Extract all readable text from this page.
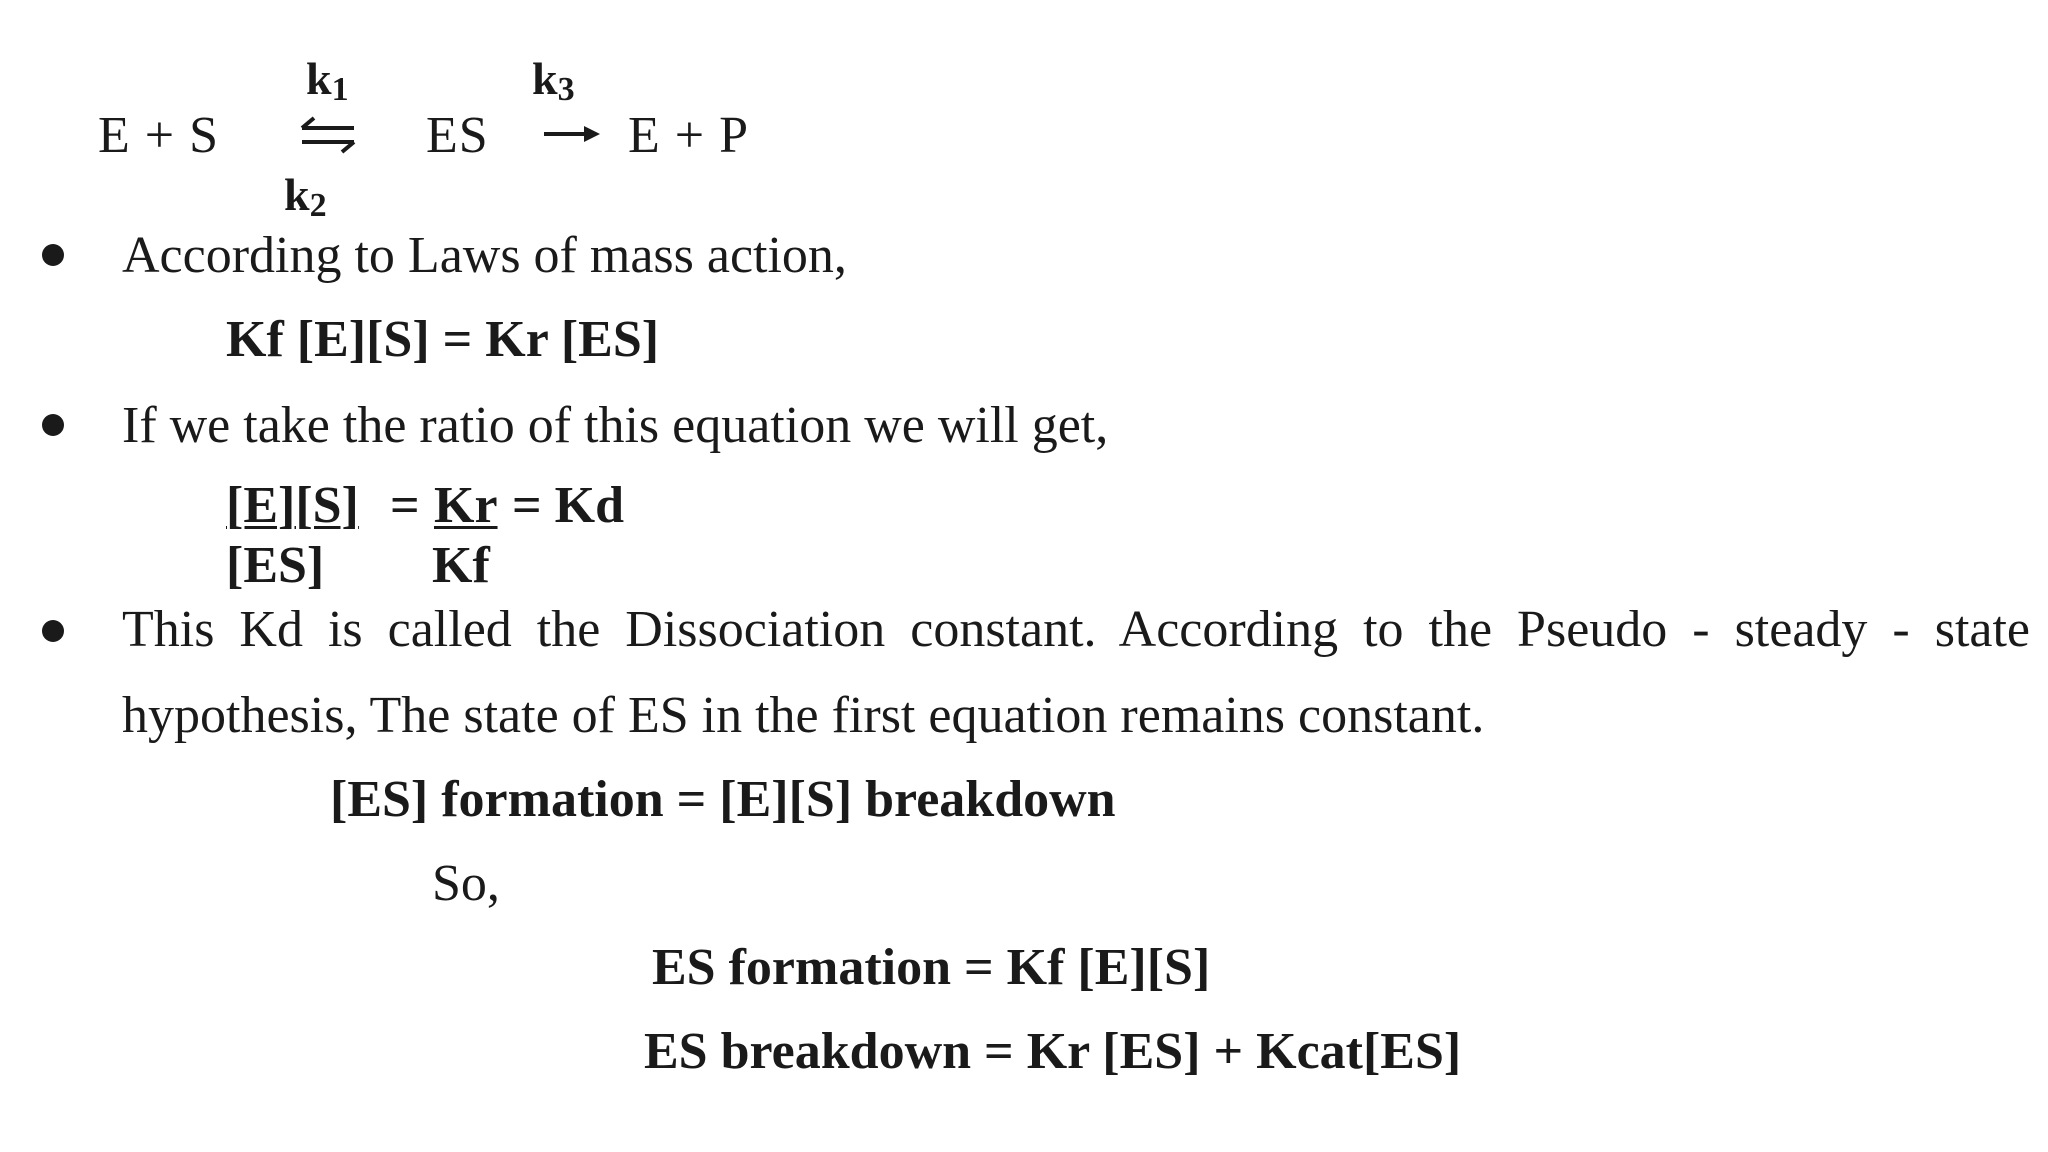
$k_1$	$k_3$
E + S	ES	E + P
$k_2$
According to Laws of mass action,
Kf [E][S] = Kr [ES]
If we take the ratio of this equation we will get,
[E][S] = Kr = Kd
[ES] Kf
This Kd is called the Dissociation constant. According to the Pseudo - steady - state
hypothesis, The state of ES in the first equation remains constant.
[ES] formation = [E][S] breakdown
So,
ES formation = Kf [E][S]
ES breakdown = Kr [ES] + Kcat[ES]
